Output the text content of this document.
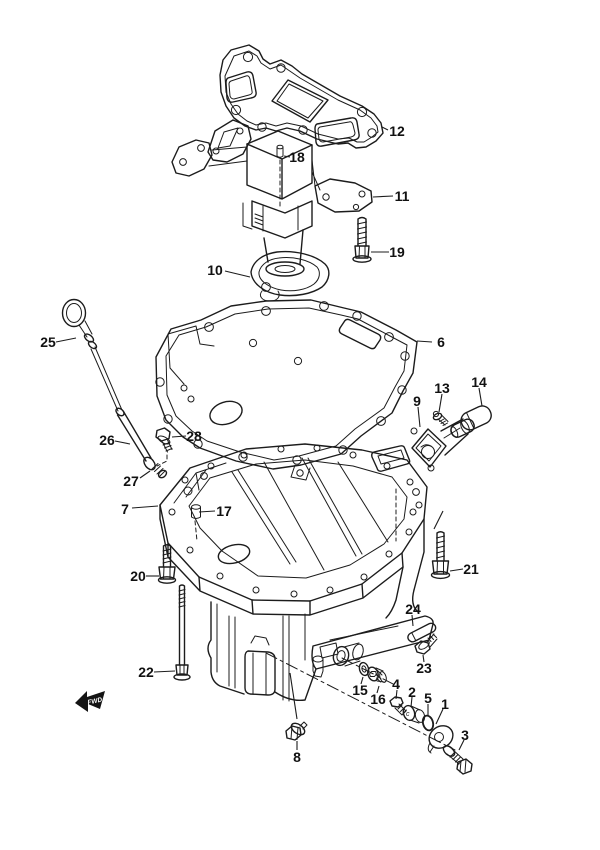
c
FWD	1
2
3
4
5
6
7
8
9
10
11
12
13 14
15
16
17
18
19
20	21
22	23
24
25
26
27
28
